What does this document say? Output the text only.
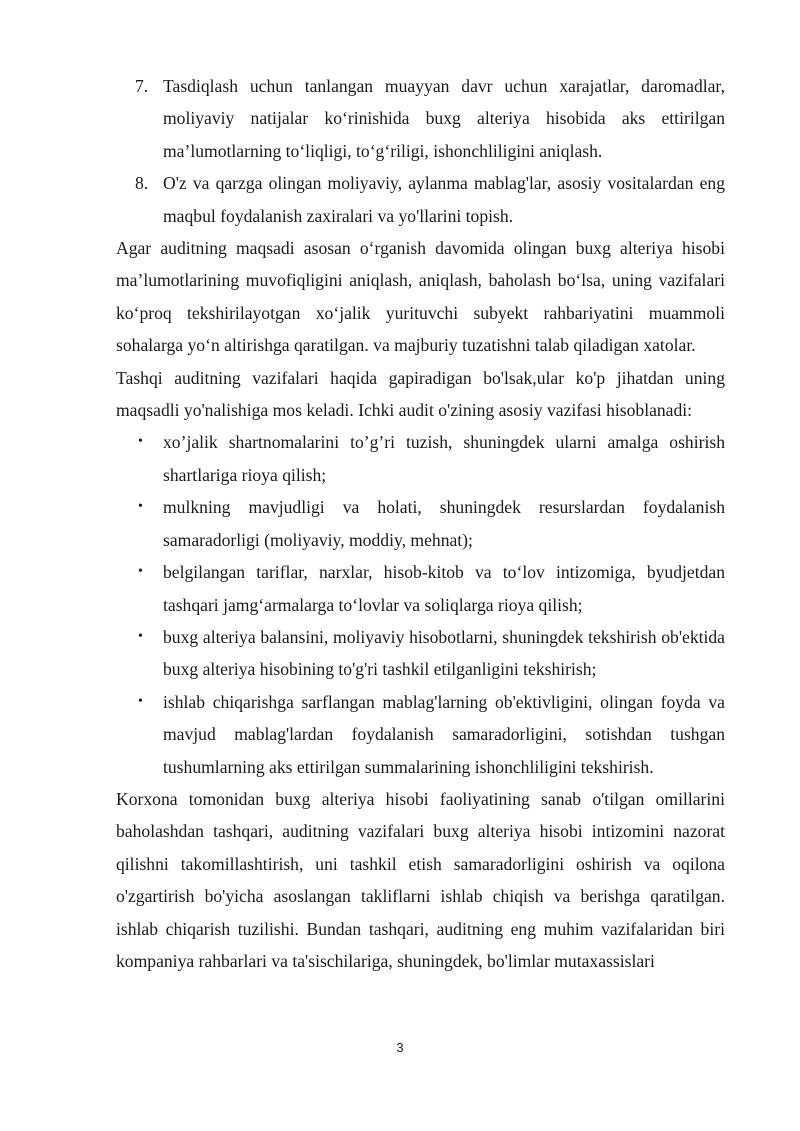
7. Tasdiqlash uchun tanlangan muayyan davr uchun xarajatlar, daromadlar, moliyaviy natijalar ko‘rinishida buxg alteriya hisobida aks ettirilgan ma’lumotlarning to‘liqligi, to‘g‘riligi, ishonchliligini aniqlash.
8. O'z va qarzga olingan moliyaviy, aylanma mablag'lar, asosiy vositalardan eng maqbul foydalanish zaxiralari va yo'llarini topish.

Agar auditning maqsadi asosan o‘rganish davomida olingan buxg alteriya hisobi ma’lumotlarining muvofiqligini aniqlash, aniqlash, baholash bo‘lsa, uning vazifalari ko‘proq tekshirilayotgan xo‘jalik yurituvchi subyekt rahbariyatini muammoli sohalarga yo‘n altirishga qaratilgan. va majburiy tuzatishni talab qiladigan xatolar.

Tashqi auditning vazifalari haqida gapiradigan bo'lsak,ular ko'p jihatdan uning maqsadli yo'nalishiga mos keladi. Ichki audit o'zining asosiy vazifasi hisoblanadi:

• xo’jalik shartnomalarini to’g’ri tuzish, shuningdek ularni amalga oshirish shartlariga rioya qilish;
• mulkning mavjudligi va holati, shuningdek resurslardan foydalanish samaradorligi (moliyaviy, moddiy, mehnat);
• belgilangan tariflar, narxlar, hisob-kitob va to‘lov intizomiga, byudjetdan tashqari jamg‘armalarga to‘lovlar va soliqlarga rioya qilish;
• buxg alteriya balansini, moliyaviy hisobotlarni, shuningdek tekshirish ob'ektida buxg alteriya hisobining to'g'ri tashkil etilganligini tekshirish;
• ishlab chiqarishga sarflangan mablag'larning ob'ektivligini, olingan foyda va mavjud mablag'lardan foydalanish samaradorligini, sotishdan tushgan tushumlarning aks ettirilgan summalarining ishonchliligini tekshirish.

Korxona tomonidan buxg alteriya hisobi faoliyatining sanab o'tilgan omillarini baholashdan tashqari, auditning vazifalari buxg alteriya hisobi intizomini nazorat qilishni takomillashtirish, uni tashkil etish samaradorligini oshirish va oqilona o'zgartirish bo'yicha asoslangan takliflarni ishlab chiqish va berishga qaratilgan. ishlab chiqarish tuzilishi. Bundan tashqari, auditning eng muhim vazifalaridan biri kompaniya rahbarlari va ta'sischilariga, shuningdek, bo'limlar mutaxassislari

3
